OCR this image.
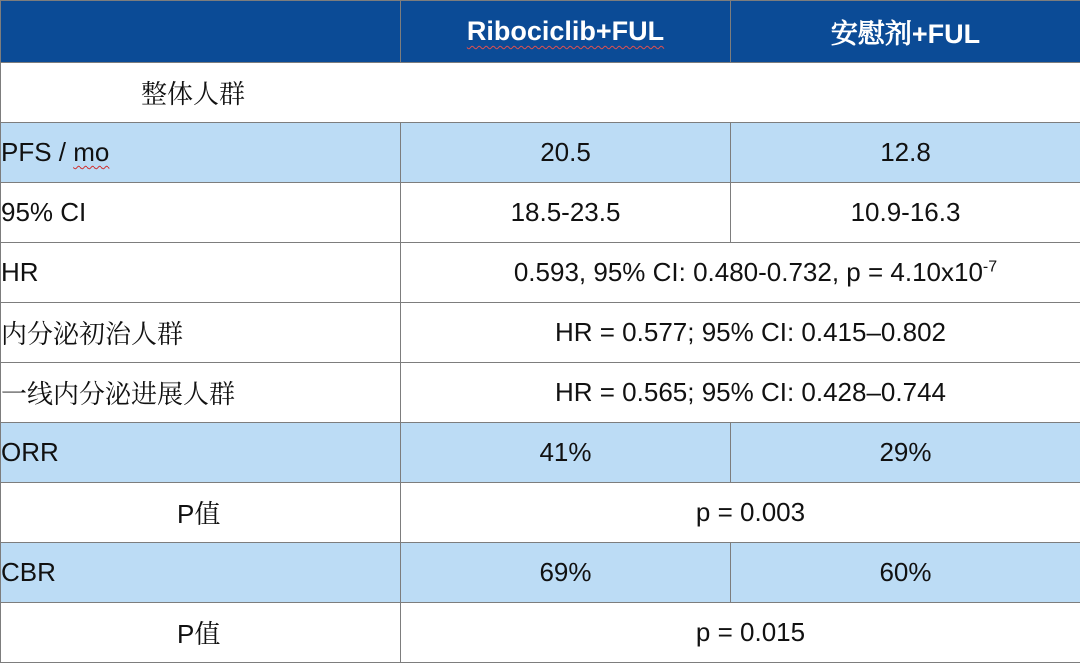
	Ribociclib+FUL	安慰剂+FUL
整体人群		
PFS / mo	20.5	12.8
95% CI	18.5-23.5	10.9-16.3
HR	0.593, 95% CI: 0.480-0.732, $p = 4.10x10^{-7}$
内分泌初治人群	HR = 0.577; 95% CI: 0.415–0.802	
一线内分泌进展人群	HR = 0.565; 95% CI: 0.428–0.744	
ORR	41%	29%
P值	p = 0.003	
CBR	69%	60%
P值	p = 0.015	
